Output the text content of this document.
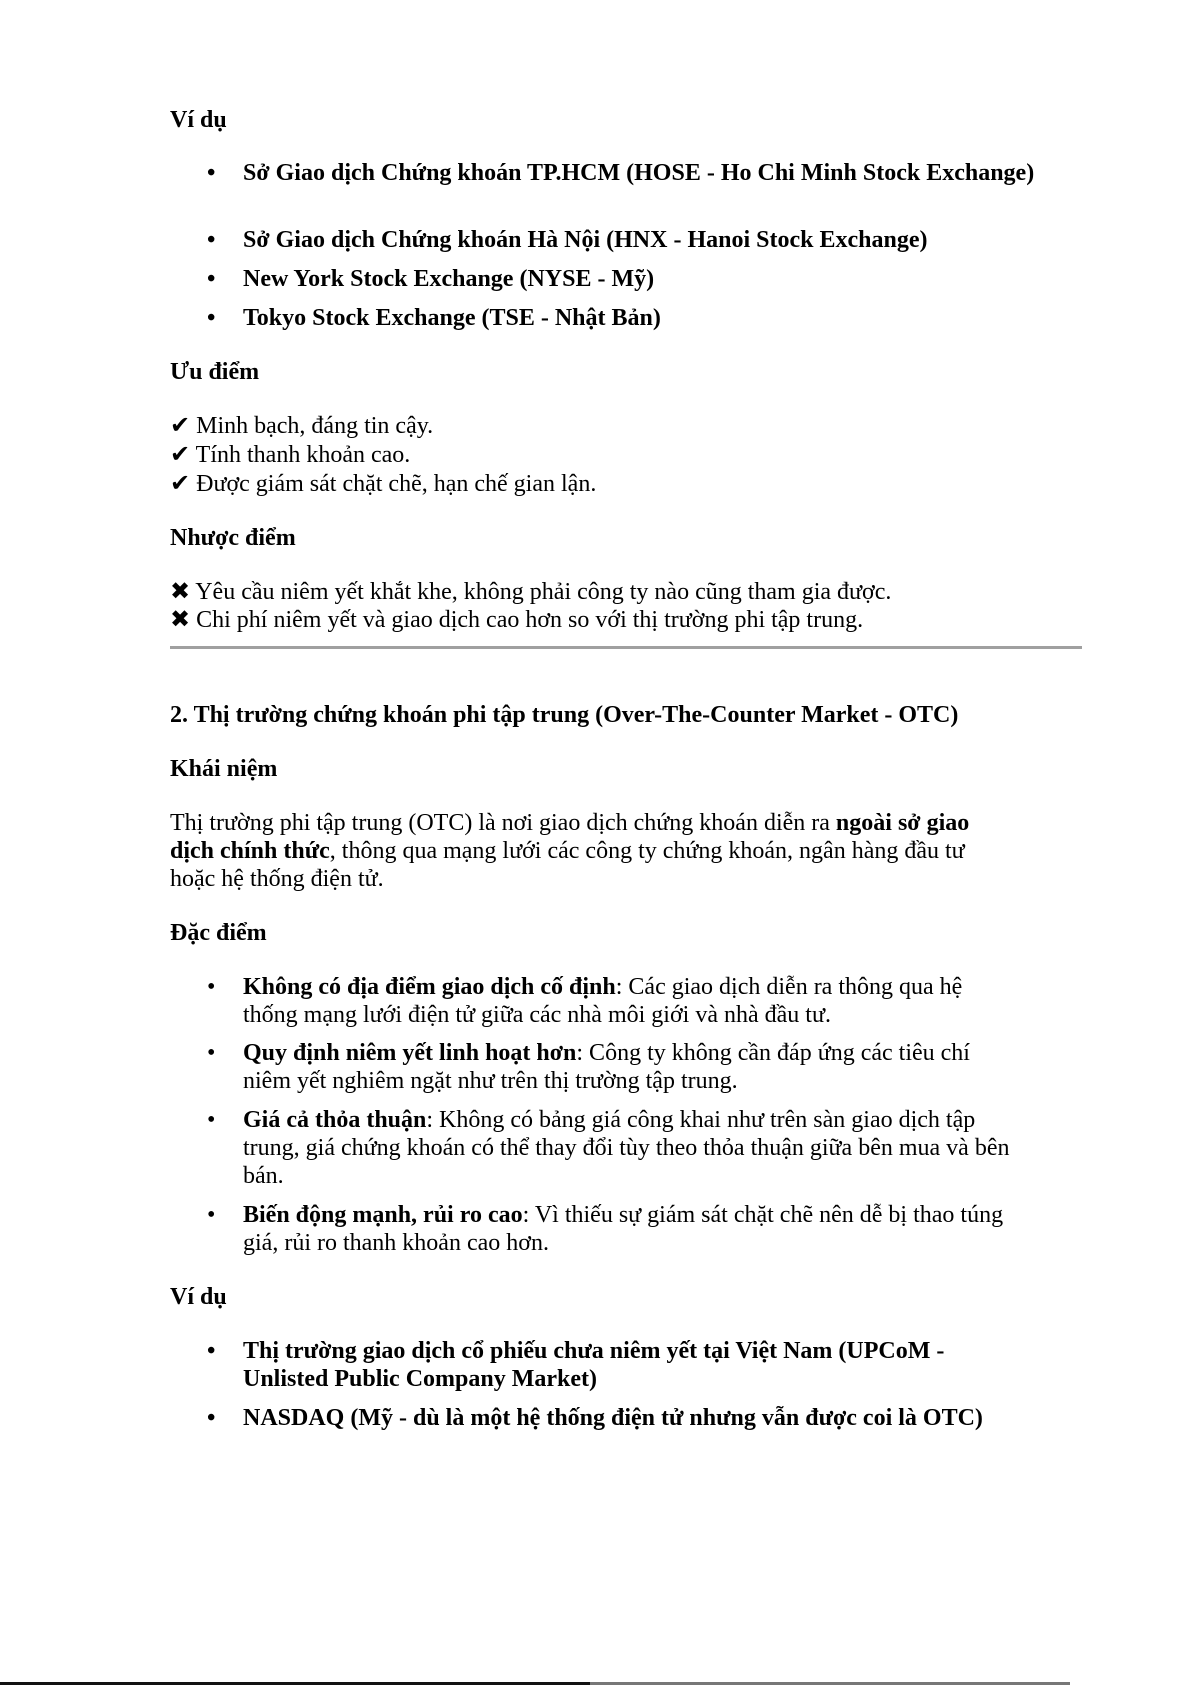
Ví dụ
• Sở Giao dịch Chứng khoán TP.HCM (HOSE - Ho Chi Minh Stock Exchange)
• Sở Giao dịch Chứng khoán Hà Nội (HNX - Hanoi Stock Exchange)
• New York Stock Exchange (NYSE - Mỹ)
• Tokyo Stock Exchange (TSE - Nhật Bản)
Ưu điểm
✔ Minh bạch, đáng tin cậy.
✔ Tính thanh khoản cao.
✔ Được giám sát chặt chẽ, hạn chế gian lận.
Nhược điểm
✖ Yêu cầu niêm yết khắt khe, không phải công ty nào cũng tham gia được.
✖ Chi phí niêm yết và giao dịch cao hơn so với thị trường phi tập trung.
2. Thị trường chứng khoán phi tập trung (Over-The-Counter Market - OTC)
Khái niệm
Thị trường phi tập trung (OTC) là nơi giao dịch chứng khoán diễn ra ngoài sở giao dịch chính thức, thông qua mạng lưới các công ty chứng khoán, ngân hàng đầu tư hoặc hệ thống điện tử.
Đặc điểm
• Không có địa điểm giao dịch cố định: Các giao dịch diễn ra thông qua hệ thống mạng lưới điện tử giữa các nhà môi giới và nhà đầu tư.
• Quy định niêm yết linh hoạt hơn: Công ty không cần đáp ứng các tiêu chí niêm yết nghiêm ngặt như trên thị trường tập trung.
• Giá cả thỏa thuận: Không có bảng giá công khai như trên sàn giao dịch tập trung, giá chứng khoán có thể thay đổi tùy theo thỏa thuận giữa bên mua và bên bán.
• Biến động mạnh, rủi ro cao: Vì thiếu sự giám sát chặt chẽ nên dễ bị thao túng giá, rủi ro thanh khoản cao hơn.
Ví dụ
• Thị trường giao dịch cổ phiếu chưa niêm yết tại Việt Nam (UPCoM - Unlisted Public Company Market)
• NASDAQ (Mỹ - dù là một hệ thống điện tử nhưng vẫn được coi là OTC)
